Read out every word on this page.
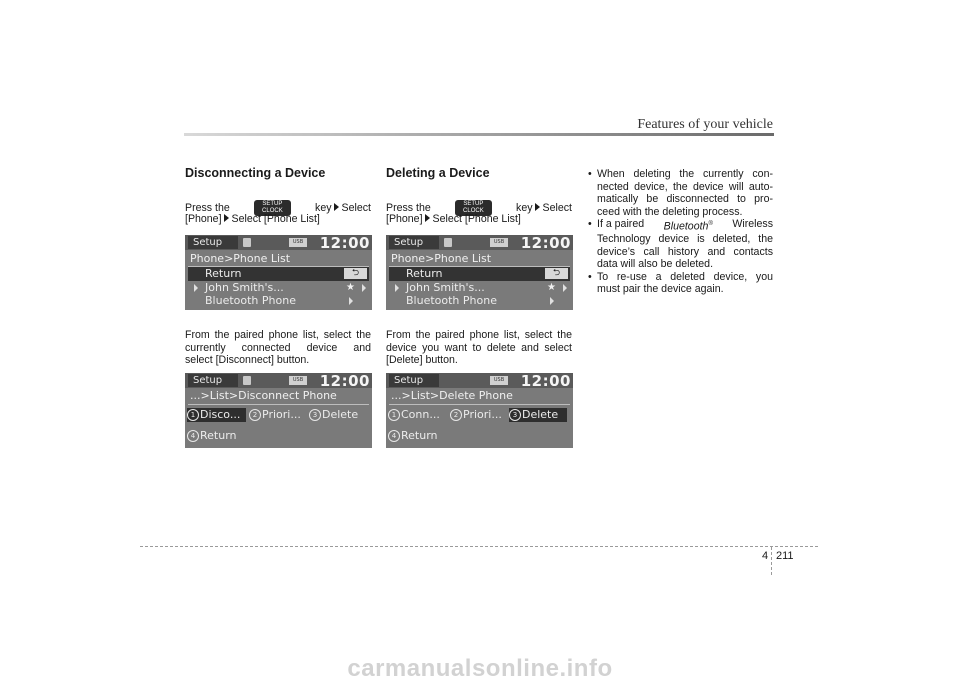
Features of your vehicle
Disconnecting a Device
Press the	SETUP
CLOCK	key Select
[Phone] Select [Phone List]
Setup	USB 12:00
Phone>Phone List
Return	⮌
John Smith's...	★
Bluetooth Phone
From the paired phone list, select the
currently connected device and
select [Disconnect] button.
Setup	USB 12:00
...>List>Disconnect Phone
1 Disco...	2 Priori...	3 Delete
4 Return
Deleting a Device
Press the	SETUP
CLOCK	key Select
[Phone] Select [Phone List]
Setup	USB 12:00
Phone>Phone List
Return	⮌
John Smith's...	★
Bluetooth Phone
From the paired phone list, select the
device you want to delete and select
[Delete] button.
Setup	USB 12:00
...>List>Delete Phone
1 Conn...	2 Priori...	3 Delete
4 Return
• When deleting the currently con-
nected device, the device will auto-
matically be disconnected to pro-
ceed with the deleting process.
• If a paired Bluetooth® Wireless
Technology device is deleted, the
device’s call history and contacts
data will also be deleted.
• To re-use a deleted device, you
must pair the device again.
4 211
carmanualsonline.info
